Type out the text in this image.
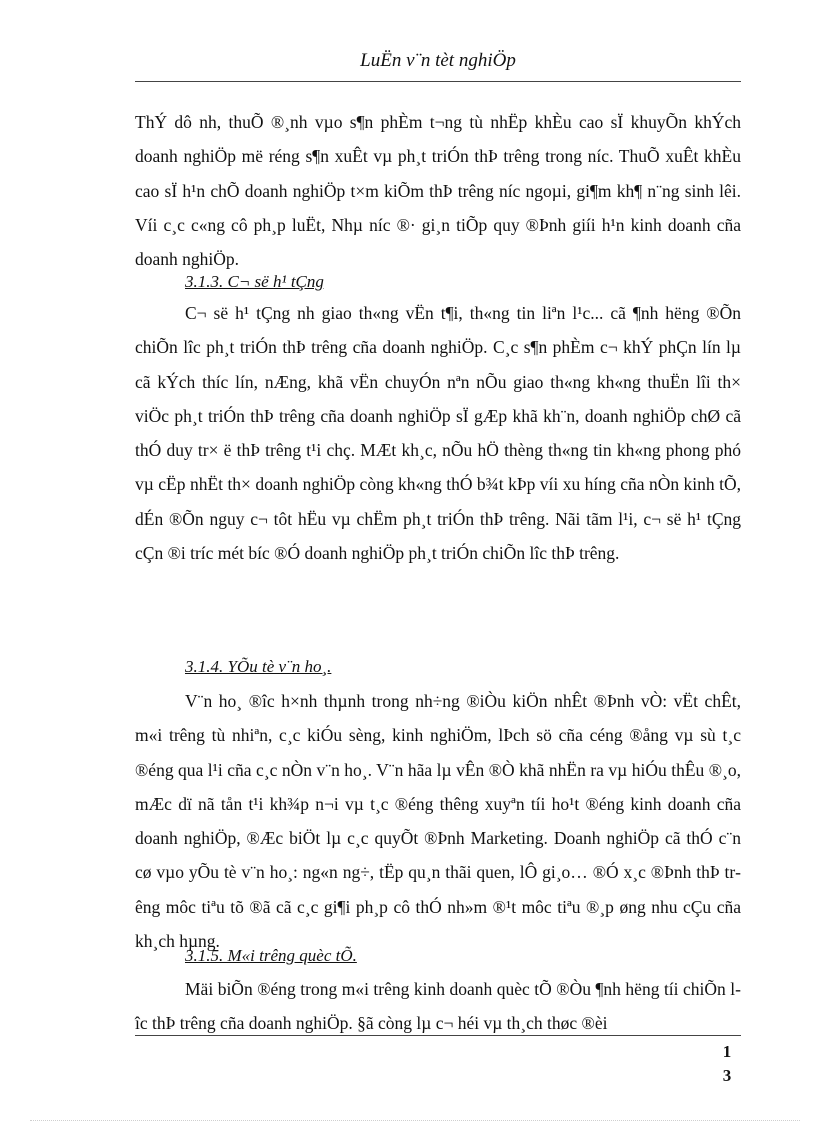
LuËn v¨n tèt nghiÖp

ThÝ dô nh, thuÕ ®¸nh vµo s¶n phÈm t¬ng tù nhËp khÈu cao sÏ khuyÕn khÝch doanh nghiÖp më réng s¶n xuÊt vµ ph¸t triÓn thÞ trêng trong níc. ThuÕ xuÊt khÈu cao sÏ h¹n chÕ doanh nghiÖp t×m kiÕm thÞ trêng níc ngoµi, gi¶m kh¶ n¨ng sinh lêi. Víi c¸c c«ng cô ph¸p luËt, Nhµ níc ®· gi¸n tiÕp quy ®Þnh giíi h¹n kinh doanh cña doanh nghiÖp.

3.1.3. C¬ së h¹ tÇng

C¬ së h¹ tÇng nh giao th«ng vËn t¶i, th«ng tin liªn l¹c... cã ¶nh hëng ®Õn chiÕn lîc ph¸t triÓn thÞ trêng cña doanh nghiÖp. C¸c s¶n phÈm c¬ khÝ phÇn lín lµ cã kÝch thíc lín, nÆng, khã vËn chuyÓn nªn nÕu giao th«ng kh«ng thuËn lîi th× viÖc ph¸t triÓn thÞ trêng cña doanh nghiÖp sÏ gÆp khã kh¨n, doanh nghiÖp chØ cã thÓ duy tr× ë thÞ trêng t¹i chç. MÆt kh¸c, nÕu hÖ thèng th«ng tin kh«ng phong phó vµ cËp nhËt th× doanh nghiÖp còng kh«ng thÓ b¾t kÞp víi xu híng cña nÒn kinh tÕ, dÉn ®Õn nguy c¬ tôt hËu vµ chËm ph¸t triÓn thÞ trêng. Nãi tãm l¹i, c¬ së h¹ tÇng cÇn ®i tríc mét bíc ®Ó doanh nghiÖp ph¸t triÓn chiÕn lîc thÞ trêng.

3.1.4. YÕu tè v¨n ho¸.

V¨n ho¸ ®îc h×nh thµnh trong nh÷ng ®iÒu kiÖn nhÊt ®Þnh vÒ: vËt chÊt, m«i trêng tù nhiªn, c¸c kiÓu sèng, kinh nghiÖm, lÞch sö cña céng ®ång vµ sù t¸c ®éng qua l¹i cña c¸c nÒn v¨n ho¸. V¨n hãa lµ vÊn ®Ò khã nhËn ra vµ hiÓu thÊu ®¸o, mÆc dï nã tån t¹i kh¾p n¬i vµ t¸c ®éng thêng xuyªn tíi ho¹t ®éng kinh doanh cña doanh nghiÖp, ®Æc biÖt lµ c¸c quyÕt ®Þnh Marketing. Doanh nghiÖp cã thÓ c¨n cø vµo yÕu tè v¨n ho¸: ng«n ng÷, tËp qu¸n thãi quen, lÔ gi¸o… ®Ó x¸c ®Þnh thÞ trêng môc tiªu tõ ®ã cã c¸c gi¶i ph¸p cô thÓ nh»m ®¹t môc tiªu ®¸p øng nhu cÇu cña kh¸ch hµng.

3.1.5. M«i trêng quèc tÕ.

Mäi biÕn ®éng trong m«i trêng kinh doanh quèc tÕ ®Òu ¶nh hëng tíi chiÕn lîc thÞ trêng cña doanh nghiÖp. §ã còng lµ c¬ héi vµ th¸ch thøc ®èi

1
3
